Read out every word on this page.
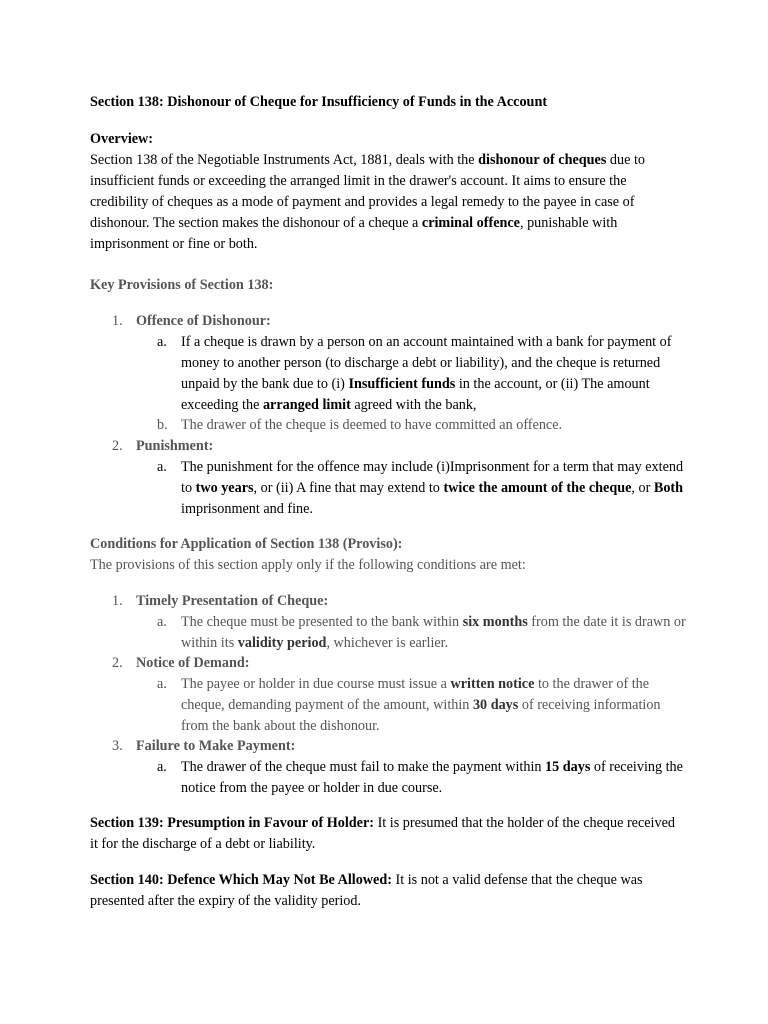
Section 138: Dishonour of Cheque for Insufficiency of Funds in the Account

Overview:

Section 138 of the Negotiable Instruments Act, 1881, deals with the dishonour of cheques due to insufficient funds or exceeding the arranged limit in the drawer's account. It aims to ensure the credibility of cheques as a mode of payment and provides a legal remedy to the payee in case of dishonour. The section makes the dishonour of a cheque a criminal offence, punishable with imprisonment or fine or both.

Key Provisions of Section 138:

1. Offence of Dishonour:

a. If a cheque is drawn by a person on an account maintained with a bank for payment of money to another person (to discharge a debt or liability), and the cheque is returned unpaid by the bank due to (i) Insufficient funds in the account, or (ii) The amount exceeding the arranged limit agreed with the bank,

b. The drawer of the cheque is deemed to have committed an offence.

2. Punishment:

a. The punishment for the offence may include (i)Imprisonment for a term that may extend to two years, or (ii) A fine that may extend to twice the amount of the cheque, or Both imprisonment and fine.

Conditions for Application of Section 138 (Proviso):

The provisions of this section apply only if the following conditions are met:

1. Timely Presentation of Cheque:

a. The cheque must be presented to the bank within six months from the date it is drawn or within its validity period, whichever is earlier.

2. Notice of Demand:

a. The payee or holder in due course must issue a written notice to the drawer of the cheque, demanding payment of the amount, within 30 days of receiving information from the bank about the dishonour.

3. Failure to Make Payment:

a. The drawer of the cheque must fail to make the payment within 15 days of receiving the notice from the payee or holder in due course.

Section 139: Presumption in Favour of Holder: It is presumed that the holder of the cheque received it for the discharge of a debt or liability.

Section 140: Defence Which May Not Be Allowed: It is not a valid defense that the cheque was presented after the expiry of the validity period.
